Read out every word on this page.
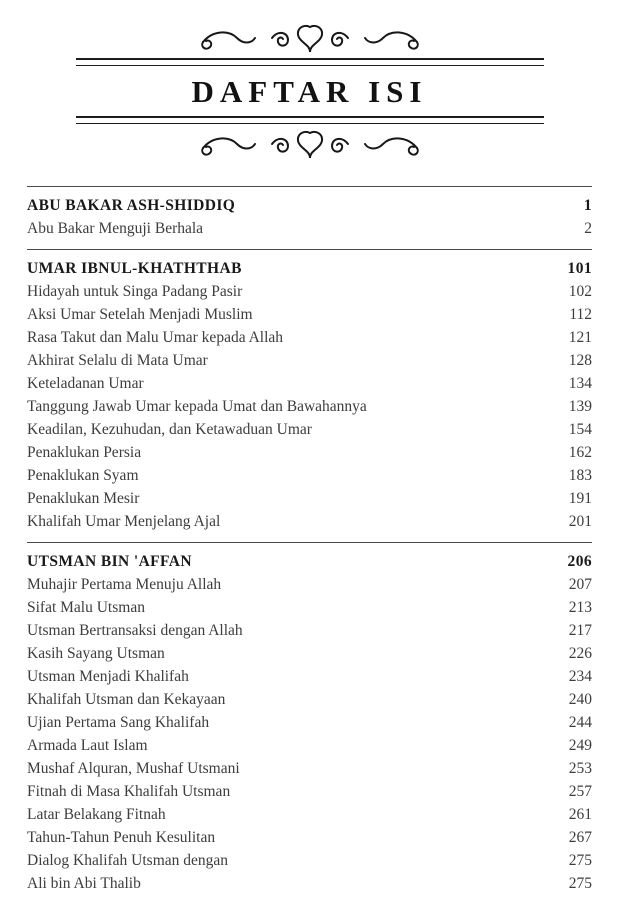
DAFTAR ISI
ABU BAKAR ASH-SHIDDIQ	1
Abu Bakar Menguji Berhala	2
UMAR IBNUL-KHATHTHAB	101
Hidayah untuk Singa Padang Pasir	102
Aksi Umar Setelah Menjadi Muslim	112
Rasa Takut dan Malu Umar kepada Allah	121
Akhirat Selalu di Mata Umar	128
Keteladanan Umar	134
Tanggung Jawab Umar kepada Umat dan Bawahannya	139
Keadilan, Kezuhudan, dan Ketawaduan Umar	154
Penaklukan Persia	162
Penaklukan Syam	183
Penaklukan Mesir	191
Khalifah Umar Menjelang Ajal	201
UTSMAN BIN 'AFFAN	206
Muhajir Pertama Menuju Allah	207
Sifat Malu Utsman	213
Utsman Bertransaksi dengan Allah	217
Kasih Sayang Utsman	226
Utsman Menjadi Khalifah	234
Khalifah Utsman dan Kekayaan	240
Ujian Pertama Sang Khalifah	244
Armada Laut Islam	249
Mushaf Alquran, Mushaf Utsmani	253
Fitnah di Masa Khalifah Utsman	257
Latar Belakang Fitnah	261
Tahun-Tahun Penuh Kesulitan	267
Dialog Khalifah Utsman dengan	275
Ali bin Abi Thalib	275
